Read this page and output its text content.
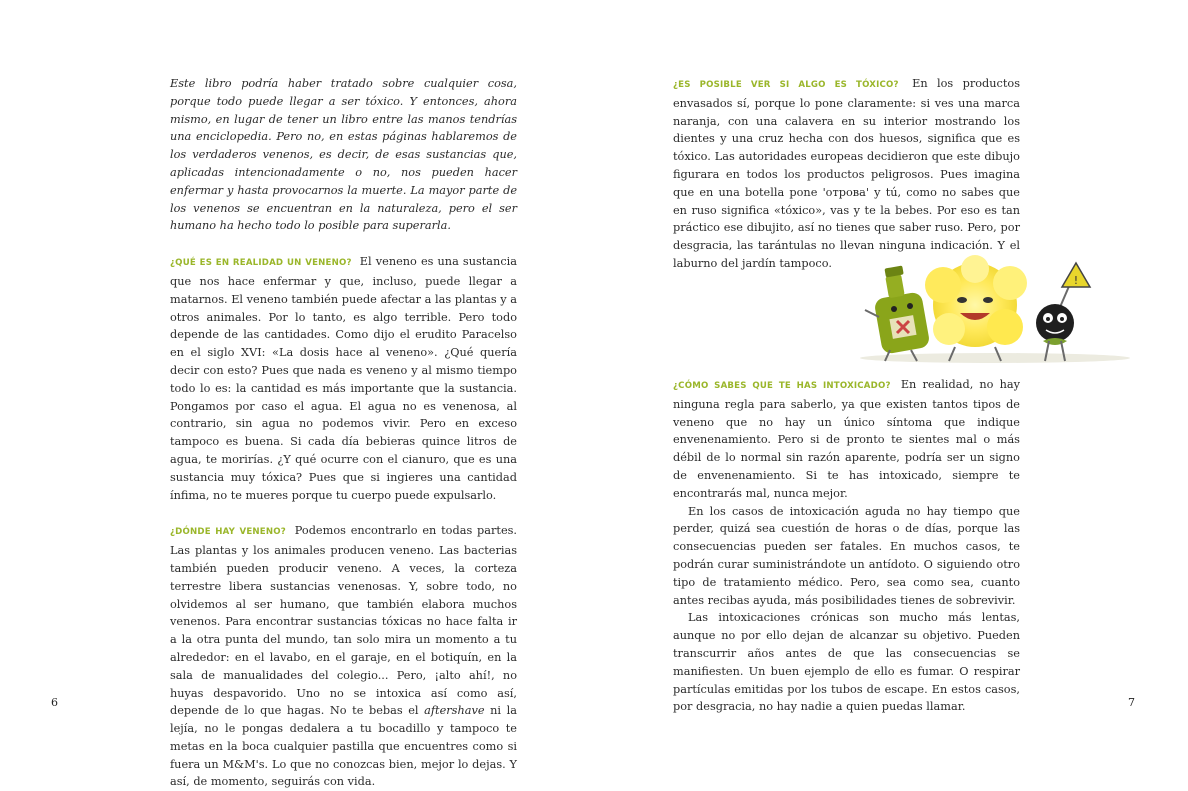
Este libro podría haber tratado sobre cualquier cosa, porque todo puede llegar a ser tóxico. Y entonces, ahora mismo, en lugar de tener un libro entre las manos tendrías una enciclopedia. Pero no, en estas páginas hablaremos de los verdaderos venenos, es decir, de esas sustancias que, aplicadas intencionadamente o no, nos pueden hacer enfermar y hasta provocarnos la muerte. La mayor parte de los venenos se encuentran en la naturaleza, pero el ser humano ha hecho todo lo posible para superarla.

¿QUÉ ES EN REALIDAD UN VENENO? El veneno es una sustancia que nos hace enfermar y que, incluso, puede llegar a matarnos. El veneno también puede afectar a las plantas y a otros animales. Por lo tanto, es algo terrible. Pero todo depende de las cantidades. Como dijo el erudito Paracelso en el siglo XVI: «La dosis hace al veneno». ¿Qué quería decir con esto? Pues que nada es veneno y al mismo tiempo todo lo es: la cantidad es más importante que la sustancia. Pongamos por caso el agua. El agua no es venenosa, al contrario, sin agua no podemos vivir. Pero en exceso tampoco es buena. Si cada día bebieras quince litros de agua, te morirías. ¿Y qué ocurre con el cianuro, que es una sustancia muy tóxica? Pues que si ingieres una cantidad ínfima, no te mueres porque tu cuerpo puede expulsarlo.

¿DÓNDE HAY VENENO? Podemos encontrarlo en todas partes. Las plantas y los animales producen veneno. Las bacterias también pueden producir veneno. A veces, la corteza terrestre libera sustancias venenosas. Y, sobre todo, no olvidemos al ser humano, que también elabora muchos venenos. Para encontrar sustancias tóxicas no hace falta ir a la otra punta del mundo, tan solo mira un momento a tu alrededor: en el lavabo, en el garaje, en el botiquín, en la sala de manualidades del colegio... Pero, ¡alto ahí!, no huyas despavorido. Uno no se intoxica así como así, depende de lo que hagas. No te bebas el aftershave ni la lejía, no le pongas dedalera a tu bocadillo y tampoco te metas en la boca cualquier pastilla que encuentres como si fuera un M&M's. Lo que no conozcas bien, mejor lo dejas. Y así, de momento, seguirás con vida.

6

¿ES POSIBLE VER SI ALGO ES TÓXICO? En los productos envasados sí, porque lo pone claramente: si ves una marca naranja, con una calavera en su interior mostrando los dientes y una cruz hecha con dos huesos, significa que es tóxico. Las autoridades europeas decidieron que este dibujo figurara en todos los productos peligrosos. Pues imagina que en una botella pone 'отрова' y tú, como no sabes que en ruso significa «tóxico», vas y te la bebes. Por eso es tan práctico ese dibujito, así no tienes que saber ruso. Pero, por desgracia, las tarántulas no llevan ninguna indicación. Y el laburno del jardín tampoco.

!

¿CÓMO SABES QUE TE HAS INTOXICADO? En realidad, no hay ninguna regla para saberlo, ya que existen tantos tipos de veneno que no hay un único síntoma que indique envenenamiento. Pero si de pronto te sientes mal o más débil de lo normal sin razón aparente, podría ser un signo de envenenamiento. Si te has intoxicado, siempre te encontrarás mal, nunca mejor.

En los casos de intoxicación aguda no hay tiempo que perder, quizá sea cuestión de horas o de días, porque las consecuencias pueden ser fatales. En muchos casos, te podrán curar suministrándote un antídoto. O siguiendo otro tipo de tratamiento médico. Pero, sea como sea, cuanto antes recibas ayuda, más posibilidades tienes de sobrevivir.

Las intoxicaciones crónicas son mucho más lentas, aunque no por ello dejan de alcanzar su objetivo. Pueden transcurrir años antes de que las consecuencias se manifiesten. Un buen ejemplo de ello es fumar. O respirar partículas emitidas por los tubos de escape. En estos casos, por desgracia, no hay nadie a quien puedas llamar.	7
